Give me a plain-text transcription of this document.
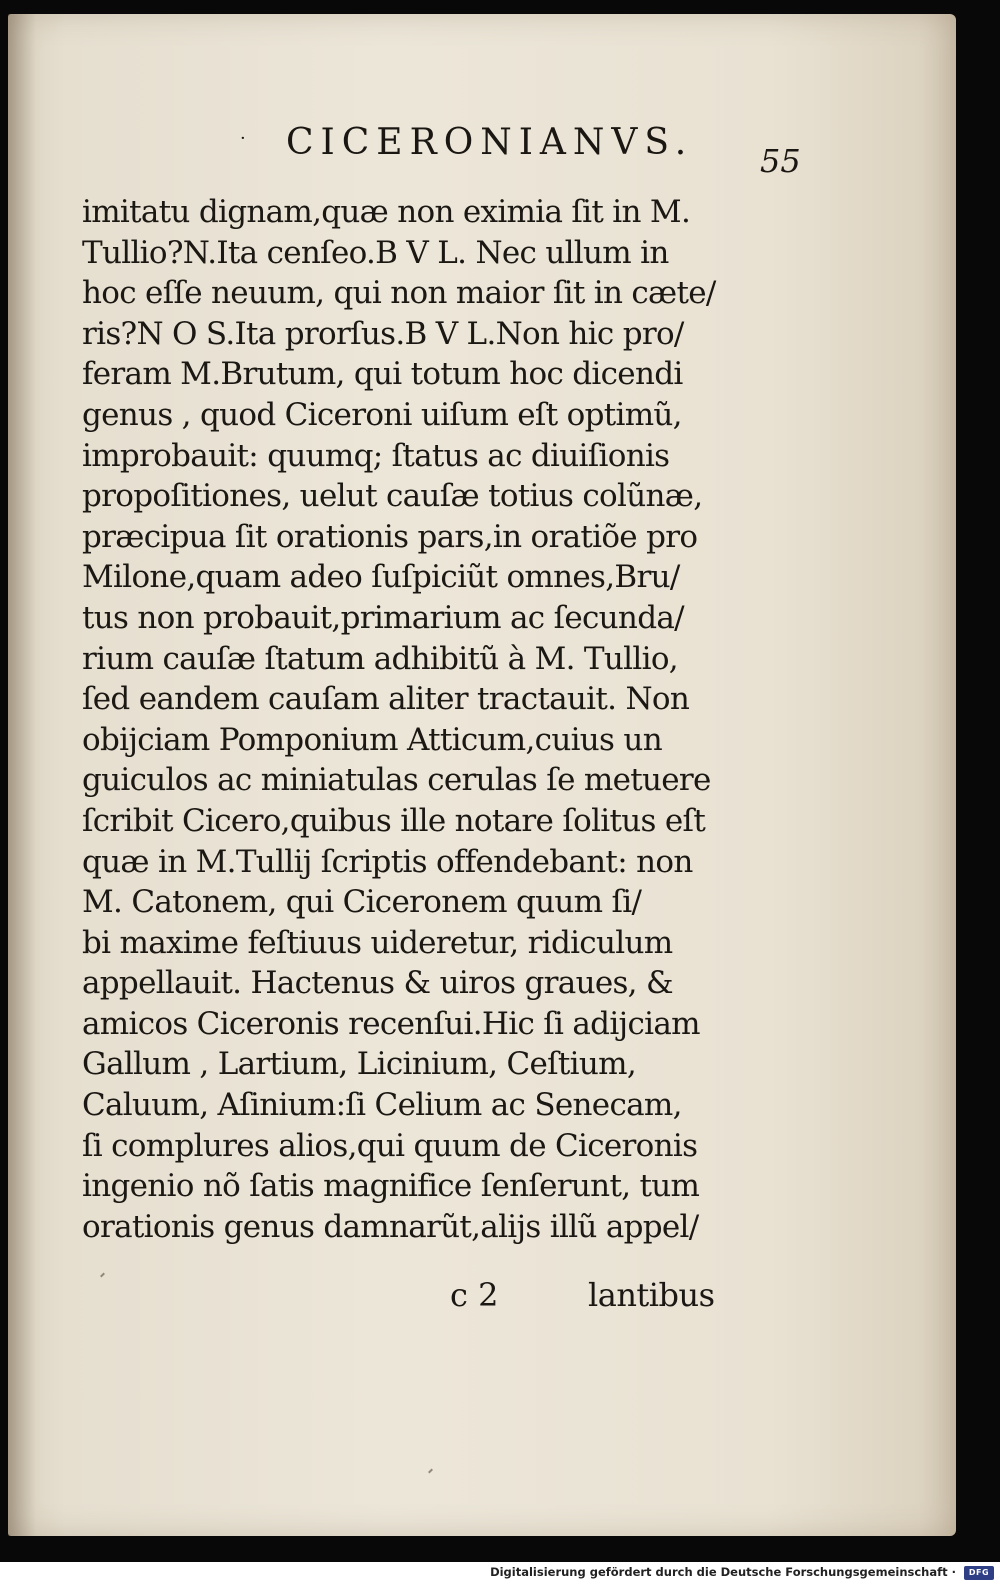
· CICERONIANVS. 55
imitatu dignam,quæ non eximia ſit in M.
Tullio?N.Ita cenſeo.B V L. Nec ullum in
hoc eſſe neuum, qui non maior ſit in cæte/
ris?N O S.Ita prorſus.B V L.Non hic pro/
feram M.Brutum, qui totum hoc dicendi
genus , quod Ciceroni uiſum eſt optimũ,
improbauit: quumq; ſtatus ac diuiſionis
propoſitiones, uelut cauſæ totius colũnæ,
præcipua ſit orationis pars,in oratiõe pro
Milone,quam adeo ſuſpiciũt omnes,Bru/
tus non probauit,primarium ac ſecunda/
rium cauſæ ſtatum adhibitũ à M. Tullio,
ſed eandem cauſam aliter tractauit. Non
obijciam Pomponium Atticum,cuius un
guiculos ac miniatulas cerulas ſe metuere
ſcribit Cicero,quibus ille notare ſolitus eſt
quæ in M.Tullij ſcriptis offendebant: non
M. Catonem, qui Ciceronem quum ſi/
bi maxime feſtiuus uideretur, ridiculum
appellauit. Hactenus & uiros graues, &
amicos Ciceronis recenſui.Hic ſi adijciam
Gallum , Lartium, Licinium, Ceſtium,
Caluum, Aſinium:ſi Celium ac Senecam,
ſi complures alios,qui quum de Ciceronis
ingenio nõ ſatis magnifice ſenſerunt, tum
orationis genus damnarũt,alijs illũ appel/
c 2	lantibus
Digitalisierung gefördert durch die Deutsche Forschungsgemeinschaft ·	DFG
